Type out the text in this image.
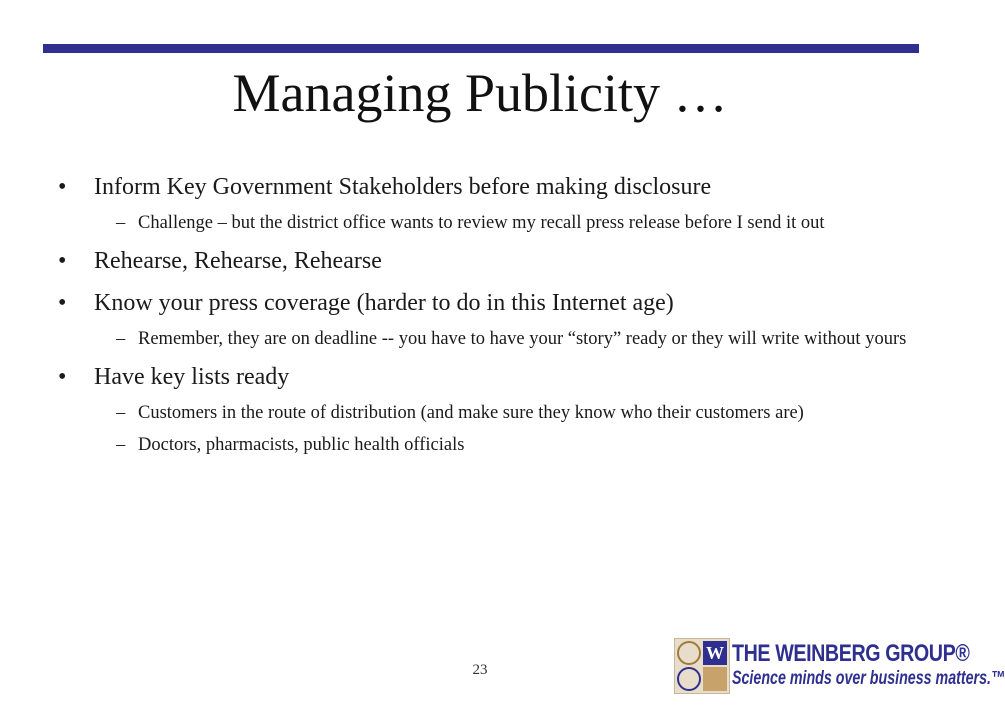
Managing Publicity …
•	Inform Key Government Stakeholders before making disclosure
– Challenge – but the district office wants to review my recall press release before I send it out
•	Rehearse, Rehearse, Rehearse
•	Know your press coverage (harder to do in this Internet age)
– Remember, they are on deadline -- you have to have your “story” ready or they will write without yours
•	Have key lists ready
– Customers in the route of distribution (and make sure they know who their customers are)
– Doctors, pharmacists, public health officials
23
W THE WEINBERG GROUP®
Science minds over business matters.™
